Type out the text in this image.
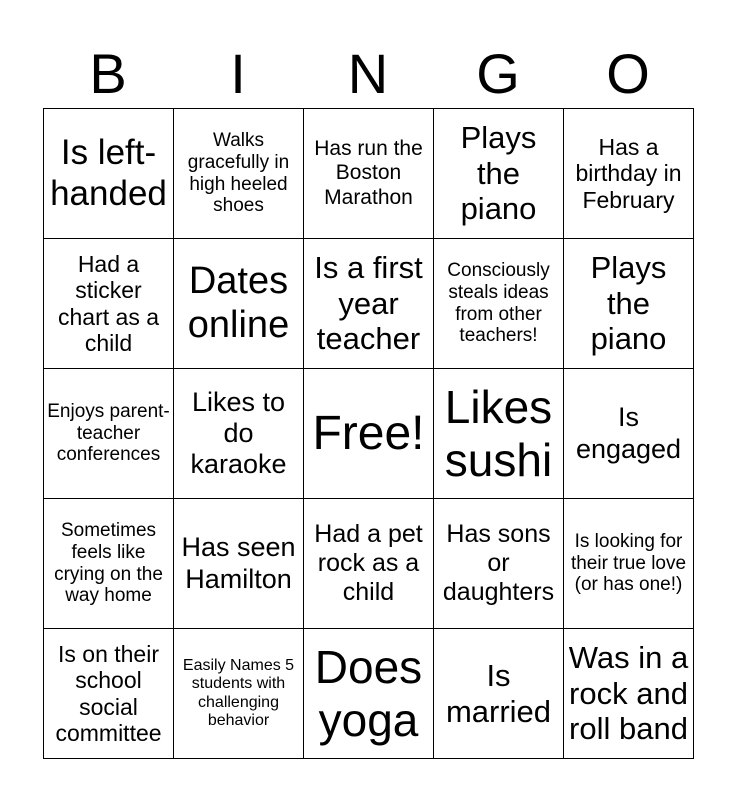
B	I	N	G	O
Is left-handed	Walks gracefully in high heeled shoes	Has run the Boston Marathon	Plays the piano	Has a birthday in February
Had a sticker chart as a child	Dates online	Is a first year teacher	Consciously steals ideas from other teachers!	Plays the piano
Enjoys parent-teacher conferences	Likes to do karaoke	Free!	Likes sushi	Is engaged
Sometimes feels like crying on the way home	Has seen Hamilton	Had a pet rock as a child	Has sons or daughters	Is looking for their true love (or has one!)
Is on their school social committee	Easily Names 5 students with challenging behavior	Does yoga	Is married	Was in a rock and roll band
